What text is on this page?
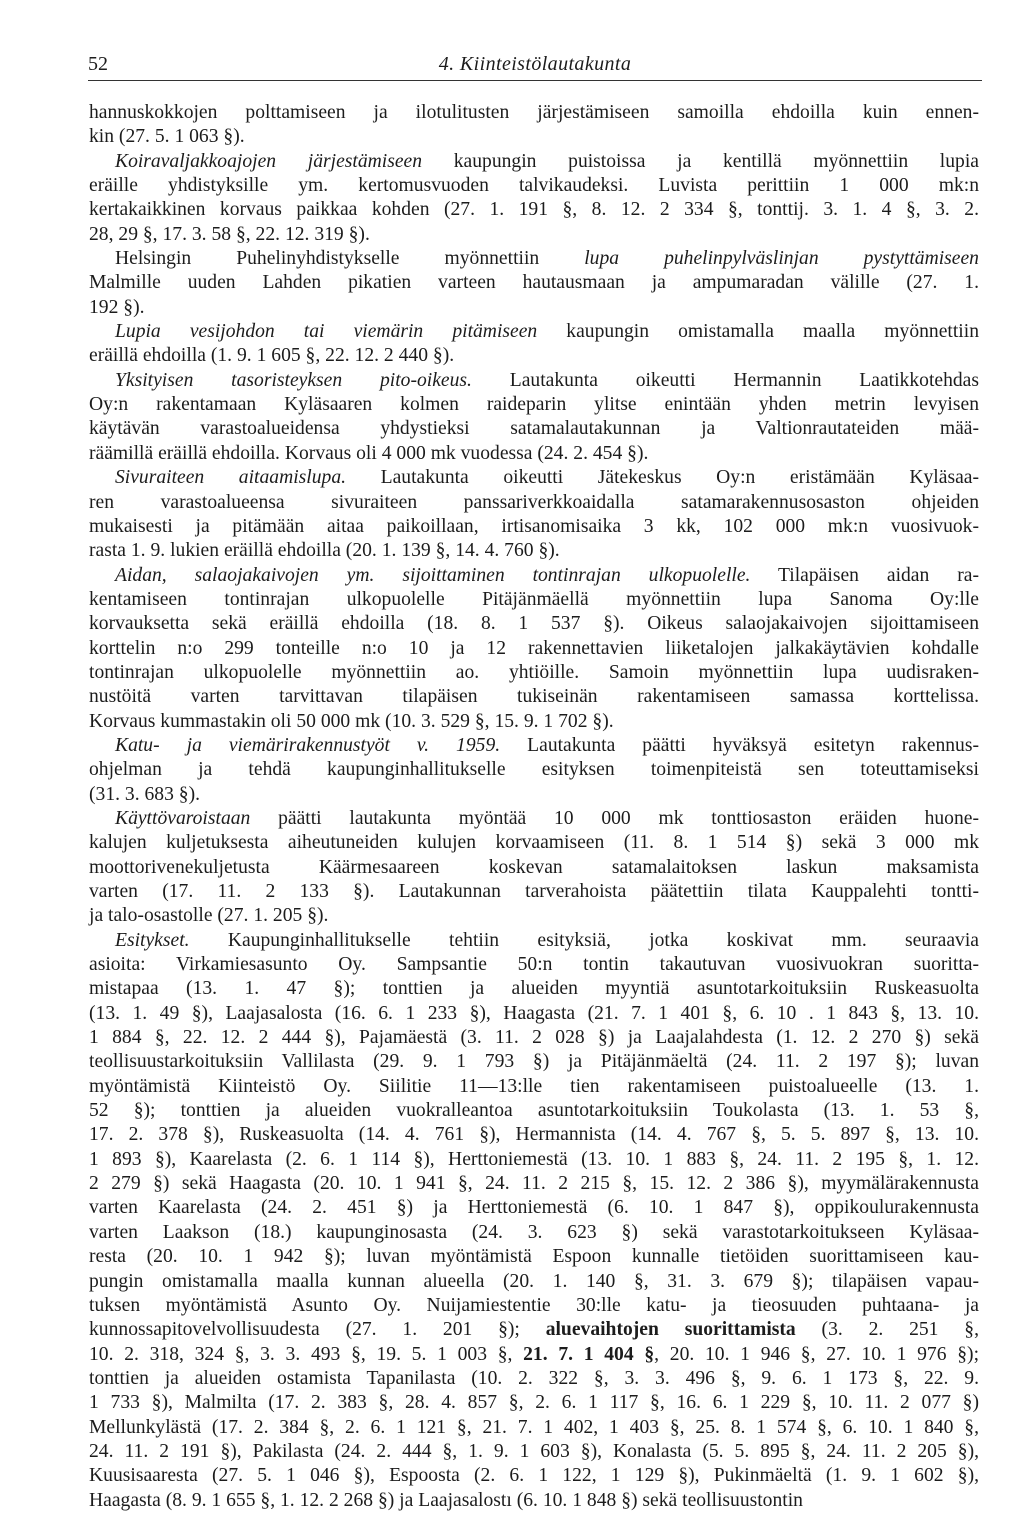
52	4. Kiinteistölautakunta
hannuskokkojen polttamiseen ja ilotulitusten järjestämiseen samoilla ehdoilla kuin ennen-
kin (27. 5. 1 063 §).
Koiravaljakkoajojen järjestämiseen kaupungin puistoissa ja kentillä myönnettiin lupia
eräille yhdistyksille ym. kertomusvuoden talvikaudeksi. Luvista perittiin 1 000 mk:n
kertakaikkinen korvaus paikkaa kohden (27. 1. 191 §, 8. 12. 2 334 §, tonttij. 3. 1. 4 §, 3. 2.
28, 29 §, 17. 3. 58 §, 22. 12. 319 §).
Helsingin Puhelinyhdistykselle myönnettiin lupa puhelinpylväslinjan pystyttämiseen
Malmille uuden Lahden pikatien varteen hautausmaan ja ampumaradan välille (27. 1.
192 §).
Lupia vesijohdon tai viemärin pitämiseen kaupungin omistamalla maalla myönnettiin
eräillä ehdoilla (1. 9. 1 605 §, 22. 12. 2 440 §).
Yksityisen tasoristeyksen pito-oikeus. Lautakunta oikeutti Hermannin Laatikkotehdas
Oy:n rakentamaan Kyläsaaren kolmen raideparin ylitse enintään yhden metrin levyisen
käytävän varastoalueidensa yhdystieksi satamalautakunnan ja Valtionrautateiden mää-
räämillä eräillä ehdoilla. Korvaus oli 4 000 mk vuodessa (24. 2. 454 §).
Sivuraiteen aitaamislupa. Lautakunta oikeutti Jätekeskus Oy:n eristämään Kyläsaa-
ren varastoalueensa sivuraiteen panssariverkkoaidalla satamarakennusosaston ohjeiden
mukaisesti ja pitämään aitaa paikoillaan, irtisanomisaika 3 kk, 102 000 mk:n vuosivuok-
rasta 1. 9. lukien eräillä ehdoilla (20. 1. 139 §, 14. 4. 760 §).
Aidan, salaojakaivojen ym. sijoittaminen tontinrajan ulkopuolelle. Tilapäisen aidan ra-
kentamiseen tontinrajan ulkopuolelle Pitäjänmäellä myönnettiin lupa Sanoma Oy:lle
korvauksetta sekä eräillä ehdoilla (18. 8. 1 537 §). Oikeus salaojakaivojen sijoittamiseen
korttelin n:o 299 tonteille n:o 10 ja 12 rakennettavien liiketalojen jalkakäytävien kohdalle
tontinrajan ulkopuolelle myönnettiin ao. yhtiöille. Samoin myönnettiin lupa uudisraken-
nustöitä varten tarvittavan tilapäisen tukiseinän rakentamiseen samassa korttelissa.
Korvaus kummastakin oli 50 000 mk (10. 3. 529 §, 15. 9. 1 702 §).
Katu- ja viemärirakennustyöt v. 1959. Lautakunta päätti hyväksyä esitetyn rakennus-
ohjelman ja tehdä kaupunginhallitukselle esityksen toimenpiteistä sen toteuttamiseksi
(31. 3. 683 §).
Käyttövaroistaan päätti lautakunta myöntää 10 000 mk tonttiosaston eräiden huone-
kalujen kuljetuksesta aiheutuneiden kulujen korvaamiseen (11. 8. 1 514 §) sekä 3 000 mk
moottorivenekuljetusta Käärmesaareen koskevan satamalaitoksen laskun maksamista
varten (17. 11. 2 133 §). Lautakunnan tarverahoista päätettiin tilata Kauppalehti tontti-
ja talo-osastolle (27. 1. 205 §).
Esitykset. Kaupunginhallitukselle tehtiin esityksiä, jotka koskivat mm. seuraavia
asioita: Virkamiesasunto Oy. Sampsantie 50:n tontin takautuvan vuosivuokran suoritta-
mistapaa (13. 1. 47 §); tonttien ja alueiden myyntiä asuntotarkoituksiin Ruskeasuolta
(13. 1. 49 §), Laajasalosta (16. 6. 1 233 §), Haagasta (21. 7. 1 401 §, 6. 10 . 1 843 §, 13. 10.
1 884 §, 22. 12. 2 444 §), Pajamäestä (3. 11. 2 028 §) ja Laajalahdesta (1. 12. 2 270 §) sekä
teollisuustarkoituksiin Vallilasta (29. 9. 1 793 §) ja Pitäjänmäeltä (24. 11. 2 197 §); luvan
myöntämistä Kiinteistö Oy. Siilitie 11—13:lle tien rakentamiseen puistoalueelle (13. 1.
52 §); tonttien ja alueiden vuokralleantoa asuntotarkoituksiin Toukolasta (13. 1. 53 §,
17. 2. 378 §), Ruskeasuolta (14. 4. 761 §), Hermannista (14. 4. 767 §, 5. 5. 897 §, 13. 10.
1 893 §), Kaarelasta (2. 6. 1 114 §), Herttoniemestä (13. 10. 1 883 §, 24. 11. 2 195 §, 1. 12.
2 279 §) sekä Haagasta (20. 10. 1 941 §, 24. 11. 2 215 §, 15. 12. 2 386 §), myymälärakennusta
varten Kaarelasta (24. 2. 451 §) ja Herttoniemestä (6. 10. 1 847 §), oppikoulurakennusta
varten Laakson (18.) kaupunginosasta (24. 3. 623 §) sekä varastotarkoitukseen Kyläsaa-
resta (20. 10. 1 942 §); luvan myöntämistä Espoon kunnalle tietöiden suorittamiseen kau-
pungin omistamalla maalla kunnan alueella (20. 1. 140 §, 31. 3. 679 §); tilapäisen vapau-
tuksen myöntämistä Asunto Oy. Nuijamiestentie 30:lle katu- ja tieosuuden puhtaana- ja
kunnossapitovelvollisuudesta (27. 1. 201 §); aluevaihtojen suorittamista (3. 2. 251 §,
10. 2. 318, 324 §, 3. 3. 493 §, 19. 5. 1 003 §, 21. 7. 1 404 §, 20. 10. 1 946 §, 27. 10. 1 976 §);
tonttien ja alueiden ostamista Tapanilasta (10. 2. 322 §, 3. 3. 496 §, 9. 6. 1 173 §, 22. 9.
1 733 §), Malmilta (17. 2. 383 §, 28. 4. 857 §, 2. 6. 1 117 §, 16. 6. 1 229 §, 10. 11. 2 077 §)
Mellunkylästä (17. 2. 384 §, 2. 6. 1 121 §, 21. 7. 1 402, 1 403 §, 25. 8. 1 574 §, 6. 10. 1 840 §,
24. 11. 2 191 §), Pakilasta (24. 2. 444 §, 1. 9. 1 603 §), Konalasta (5. 5. 895 §, 24. 11. 2 205 §),
Kuusisaaresta (27. 5. 1 046 §), Espoosta (2. 6. 1 122, 1 129 §), Pukinmäeltä (1. 9. 1 602 §),
Haagasta (8. 9. 1 655 §, 1. 12. 2 268 §) ja Laajasalostı (6. 10. 1 848 §) sekä teollisuustontin
